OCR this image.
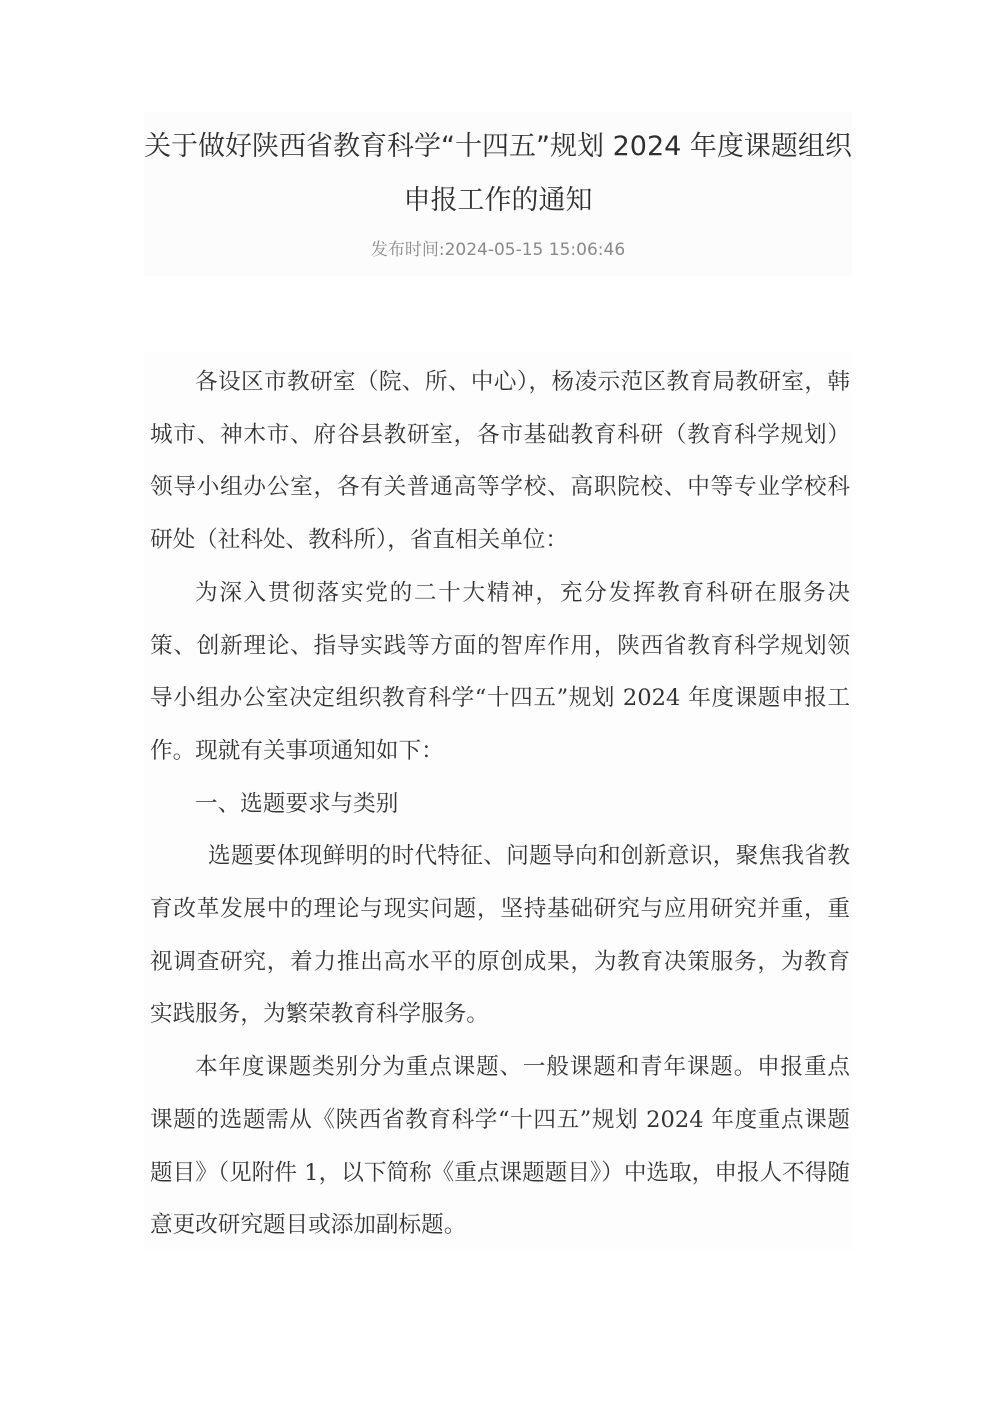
关于做好陕西省教育科学“十四五”规划 2024 年度课题组织申报工作的通知
发布时间:2024-05-15 15:06:46

各设区市教研室（院、所、中心），杨凌示范区教育局教研室，韩城市、神木市、府谷县教研室，各市基础教育科研（教育科学规划）领导小组办公室，各有关普通高等学校、高职院校、中等专业学校科研处（社科处、教科所），省直相关单位：

为深入贯彻落实党的二十大精神，充分发挥教育科研在服务决策、创新理论、指导实践等方面的智库作用，陕西省教育科学规划领导小组办公室决定组织教育科学“十四五”规划 2024 年度课题申报工作。现就有关事项通知如下：

一、选题要求与类别

选题要体现鲜明的时代特征、问题导向和创新意识，聚焦我省教育改革发展中的理论与现实问题，坚持基础研究与应用研究并重，重视调查研究，着力推出高水平的原创成果，为教育决策服务，为教育实践服务，为繁荣教育科学服务。

本年度课题类别分为重点课题、一般课题和青年课题。申报重点课题的选题需从《陕西省教育科学“十四五”规划 2024 年度重点课题题目》（见附件 1，以下简称《重点课题题目》）中选取，申报人不得随意更改研究题目或添加副标题。
